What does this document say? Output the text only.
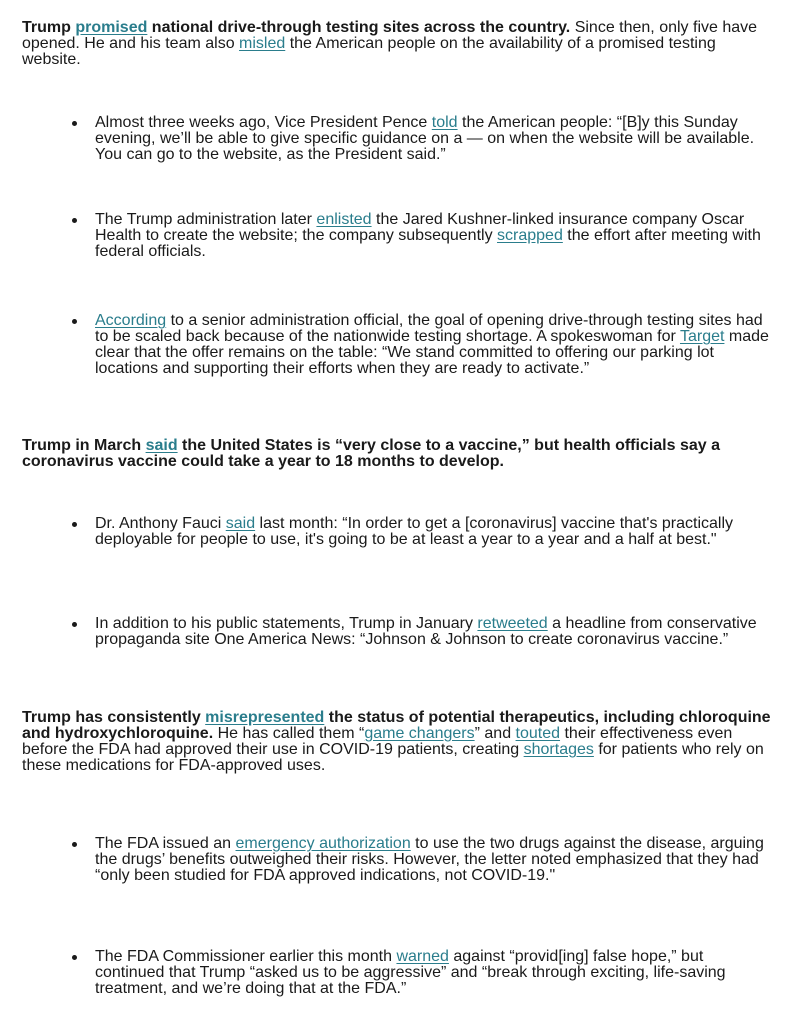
Trump promised national drive-through testing sites across the country. Since then, only five have opened. He and his team also misled the American people on the availability of a promised testing website.

Almost three weeks ago, Vice President Pence told the American people: “[B]y this Sunday evening, we’ll be able to give specific guidance on a — on when the website will be available. You can go to the website, as the President said.”
The Trump administration later enlisted the Jared Kushner-linked insurance company Oscar Health to create the website; the company subsequently scrapped the effort after meeting with federal officials.
According to a senior administration official, the goal of opening drive-through testing sites had to be scaled back because of the nationwide testing shortage. A spokeswoman for Target made clear that the offer remains on the table: “We stand committed to offering our parking lot locations and supporting their efforts when they are ready to activate.”

Trump in March said the United States is “very close to a vaccine,” but health officials say a coronavirus vaccine could take a year to 18 months to develop.

Dr. Anthony Fauci said last month: “In order to get a [coronavirus] vaccine that's practically deployable for people to use, it's going to be at least a year to a year and a half at best."
In addition to his public statements, Trump in January retweeted a headline from conservative propaganda site One America News: “Johnson & Johnson to create coronavirus vaccine.”

Trump has consistently misrepresented the status of potential therapeutics, including chloroquine and hydroxychloroquine. He has called them “game changers” and touted their effectiveness even before the FDA had approved their use in COVID-19 patients, creating shortages for patients who rely on these medications for FDA-approved uses.

The FDA issued an emergency authorization to use the two drugs against the disease, arguing the drugs’ benefits outweighed their risks. However, the letter noted emphasized that they had “only been studied for FDA approved indications, not COVID-19."
The FDA Commissioner earlier this month warned against “provid[ing] false hope,” but continued that Trump “asked us to be aggressive” and “break through exciting, life-saving treatment, and we’re doing that at the FDA.”
